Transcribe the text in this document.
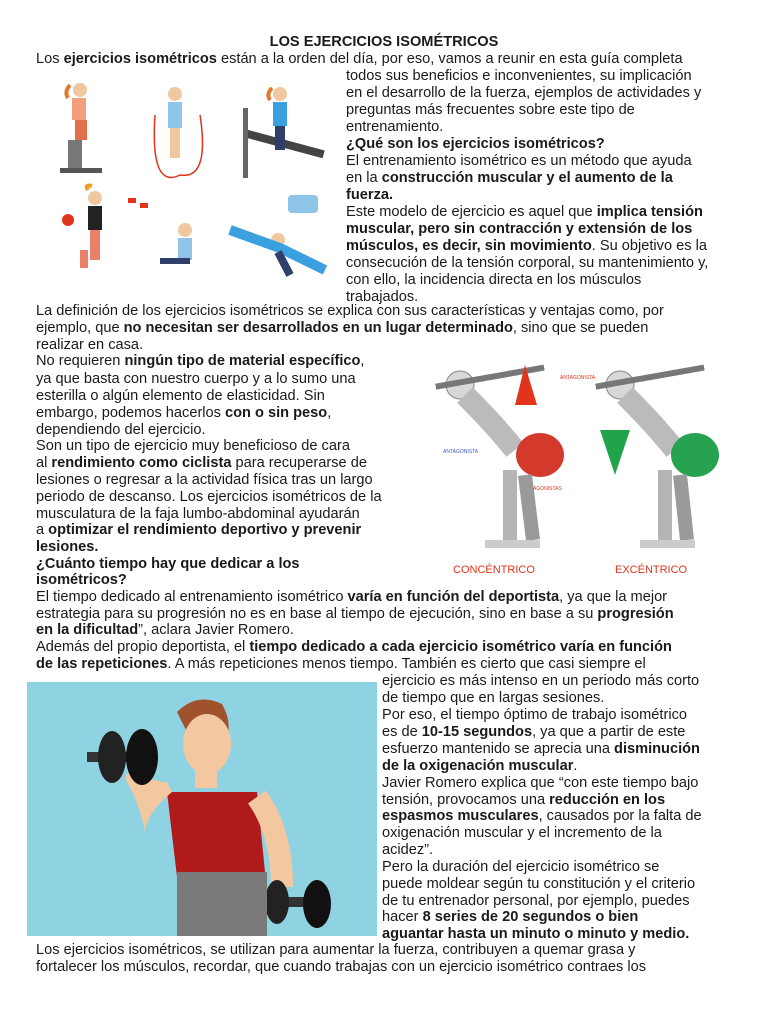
LOS EJERCICIOS ISOMÉTRICOS
ANTAGONISTA
ANTAGONISTA
AGONISTAS
CONCÉNTRICO	EXCÉNTRICO
Los ejercicios isométricos están a la orden del día, por eso, vamos a reunir en esta guía completa
todos sus beneficios e inconvenientes, su implicación
en el desarrollo de la fuerza, ejemplos de actividades y
preguntas más frecuentes sobre este tipo de
entrenamiento.
¿Qué son los ejercicios isométricos?
El entrenamiento isométrico es un método que ayuda
en la construcción muscular y el aumento de la
fuerza.
Este modelo de ejercicio es aquel que implica tensión
muscular, pero sin contracción y extensión de los
músculos, es decir, sin movimiento. Su objetivo es la
consecución de la tensión corporal, su mantenimiento y,
con ello, la incidencia directa en los músculos
trabajados.
La definición de los ejercicios isométricos se explica con sus características y ventajas como, por
ejemplo, que no necesitan ser desarrollados en un lugar determinado, sino que se pueden
realizar en casa.
No requieren ningún tipo de material específico,
ya que basta con nuestro cuerpo y a lo sumo una
esterilla o algún elemento de elasticidad. Sin
embargo, podemos hacerlos con o sin peso,
dependiendo del ejercicio.
Son un tipo de ejercicio muy beneficioso de cara
al rendimiento como ciclista para recuperarse de
lesiones o regresar a la actividad física tras un largo
periodo de descanso. Los ejercicios isométricos de la
musculatura de la faja lumbo-abdominal ayudarán
a optimizar el rendimiento deportivo y prevenir
lesiones.
¿Cuánto tiempo hay que dedicar a los
isométricos?
El tiempo dedicado al entrenamiento isométrico varía en función del deportista, ya que la mejor
estrategia para su progresión no es en base al tiempo de ejecución, sino en base a su progresión
en la dificultad”, aclara Javier Romero.
Además del propio deportista, el tiempo dedicado a cada ejercicio isométrico varía en función
de las repeticiones. A más repeticiones menos tiempo. También es cierto que casi siempre el
ejercicio es más intenso en un periodo más corto
de tiempo que en largas sesiones.
Por eso, el tiempo óptimo de trabajo isométrico
es de 10-15 segundos, ya que a partir de este
esfuerzo mantenido se aprecia una disminución
de la oxigenación muscular.
Javier Romero explica que “con este tiempo bajo
tensión, provocamos una reducción en los
espasmos musculares, causados por la falta de
oxigenación muscular y el incremento de la
acidez”.
Pero la duración del ejercicio isométrico se
puede moldear según tu constitución y el criterio
de tu entrenador personal, por ejemplo, puedes
hacer 8 series de 20 segundos o bien
aguantar hasta un minuto o minuto y medio.
Los ejercicios isométricos, se utilizan para aumentar la fuerza, contribuyen a quemar grasa y
fortalecer los músculos, recordar, que cuando trabajas con un ejercicio isométrico contraes los
